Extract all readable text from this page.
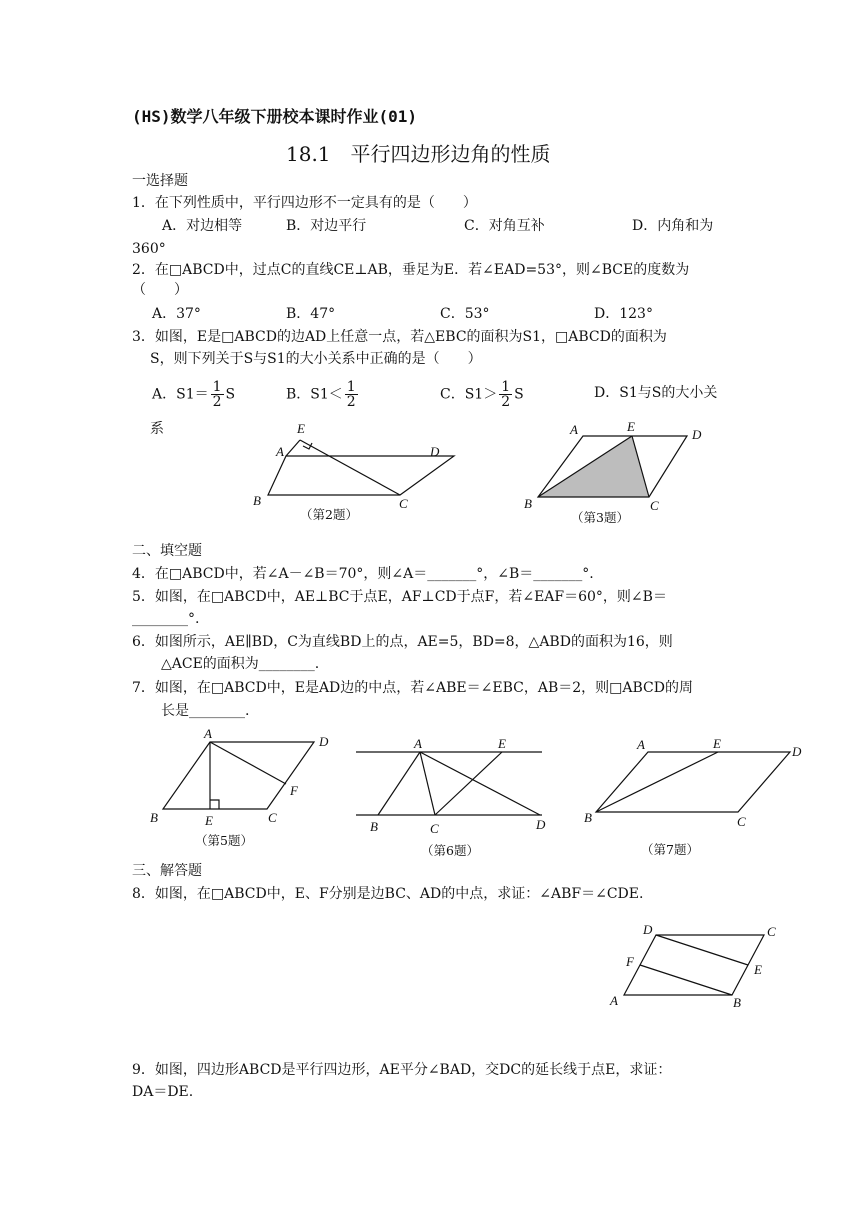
(HS)数学八年级下册校本课时作业(01)
18.1　平行四边形边角的性质
一选择题
1．在下列性质中，平行四边形不一定具有的是（　　）
A．对边相等	B．对边平行	C．对角互补	D．内角和为
360°
2．在□ABCD中，过点C的直线CE⊥AB，垂足为E．若∠EAD=53°，则∠BCE的度数为
（　　）
A．37°	B．47°	C．53°	D．123°
3．如图，E是□ABCD的边AD上任意一点，若△EBC的面积为S1，□ABCD的面积为
S，则下列关于S与S1的大小关系中正确的是（　　）
A．$S1= \frac{1}{2}$ S	B．$S1< \frac{1}{2}$	C．$S1> \frac{1}{2}$ S	D．S1与S的大小关
系	E
A	D
B	C
（第2题）
A	E
D
B	C
（第3题）
二、填空题
4．在□ABCD中，若∠A－∠B＝70°，则∠A＝_______°，∠B＝_______°.
5．如图，在□ABCD中，AE⊥BC于点E，AF⊥CD于点F，若∠EAF＝60°，则∠B＝
________°.
6．如图所示，AE∥BD，C为直线BD上的点，AE=5，BD=8，△ABD的面积为16，则
△ACE的面积为________.
7．如图，在□ABCD中，E是AD边的中点，若∠ABE＝∠EBC，AB＝2，则□ABCD的周
长是________.
A
D
F
B	E	C
（第5题）
A	E
B	C	D
（第6题）
A	E
D
B	C
（第7题）
三、解答题
8．如图，在□ABCD中，E、F分别是边BC、AD的中点，求证：∠ABF＝∠CDE.
D	C
F
E
A	B
9．如图，四边形ABCD是平行四边形，AE平分∠BAD，交DC的延长线于点E，求证：
DA＝DE.
